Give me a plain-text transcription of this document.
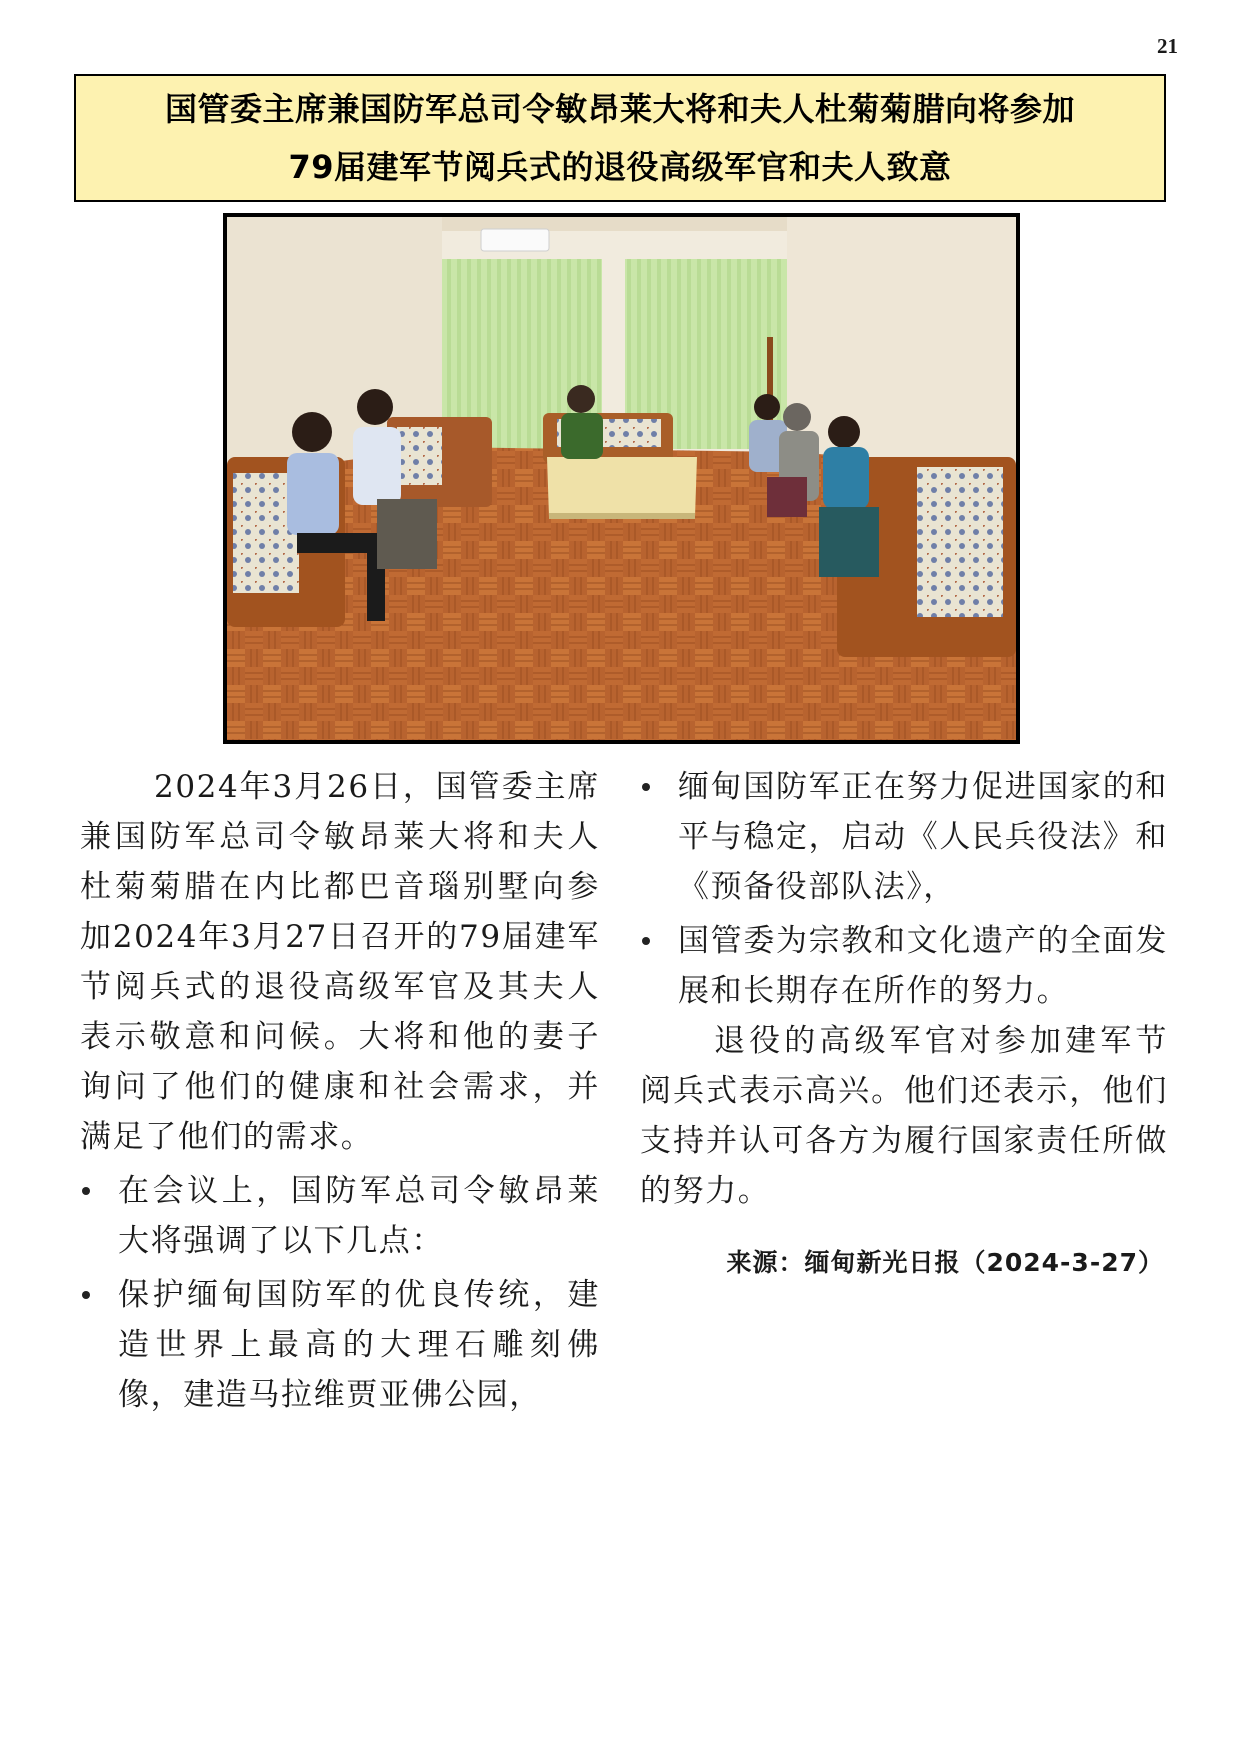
21
国管委主席兼国防军总司令敏昂莱大将和夫人杜菊菊腊向将参加
79届建军节阅兵式的退役高级军官和夫人致意

2024年3月26日，国管委主席兼国防军总司令敏昂莱大将和夫人杜菊菊腊在内比都巴音瑙别墅向参加2024年3月27日召开的79届建军节阅兵式的退役高级军官及其夫人表示敬意和问候。大将和他的妻子询问了他们的健康和社会需求，并满足了他们的需求。

在会议上，国防军总司令敏昂莱大将强调了以下几点：

保护缅甸国防军的优良传统，建造世界上最高的大理石雕刻佛像，建造马拉维贾亚佛公园，

缅甸国防军正在努力促进国家的和平与稳定，启动《人民兵役法》和《预备役部队法》，

国管委为宗教和文化遗产的全面发展和长期存在所作的努力。

退役的高级军官对参加建军节阅兵式表示高兴。他们还表示，他们支持并认可各方为履行国家责任所做的努力。

来源：缅甸新光日报（2024-3-27）
